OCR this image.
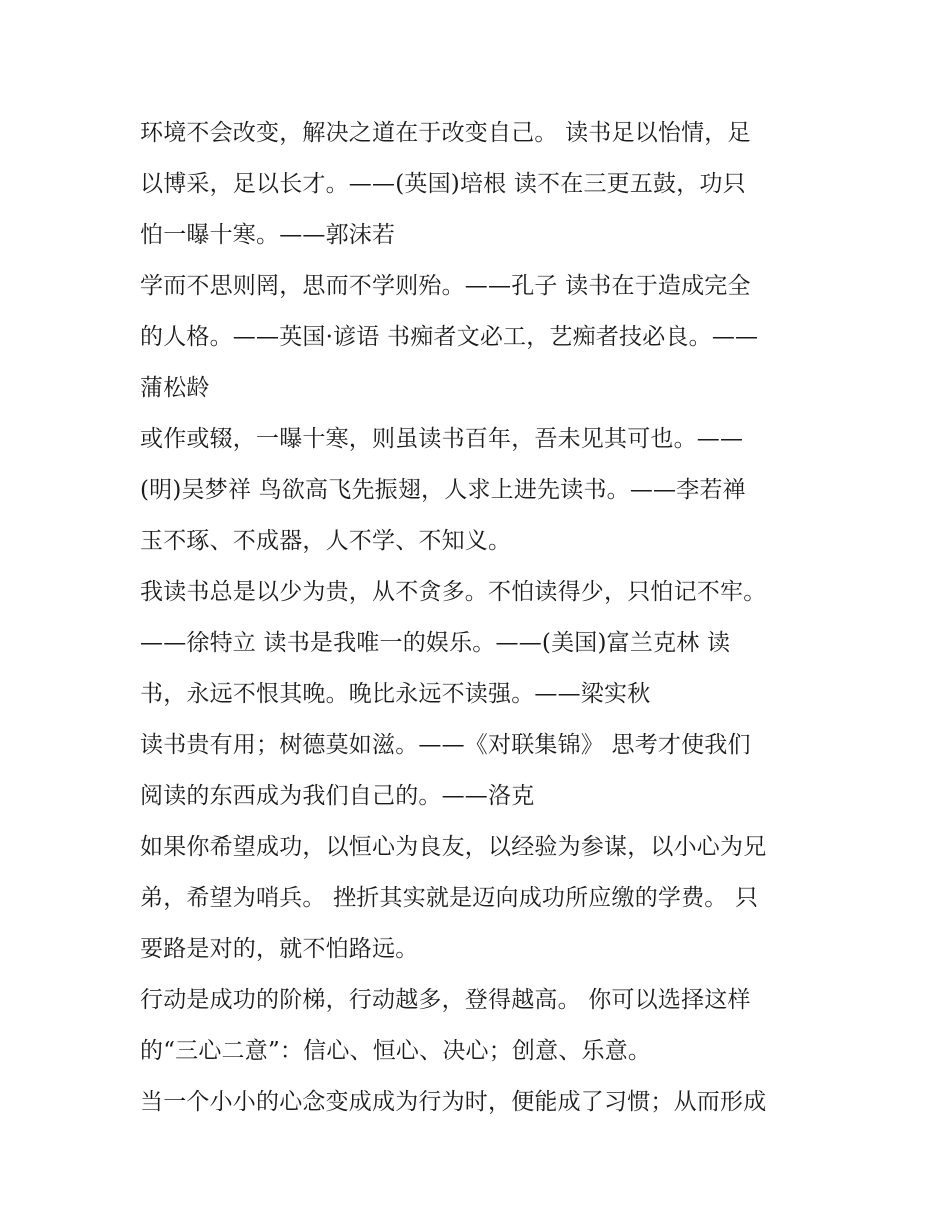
环境不会改变，解决之道在于改变自己。 读书足以怡情，足
以博采，足以长才。——(英国)培根 读不在三更五鼓，功只
怕一曝十寒。——郭沫若
学而不思则罔，思而不学则殆。——孔子 读书在于造成完全
的人格。——英国·谚语 书痴者文必工，艺痴者技必良。——
蒲松龄
或作或辍，一曝十寒，则虽读书百年，吾未见其可也。——
(明)吴梦祥 鸟欲高飞先振翅，人求上进先读书。——李若禅
玉不琢、不成器，人不学、不知义。
我读书总是以少为贵，从不贪多。不怕读得少，只怕记不牢。
——徐特立 读书是我唯一的娱乐。——(美国)富兰克林 读
书，永远不恨其晚。晚比永远不读强。——梁实秋
读书贵有用；树德莫如滋。——《对联集锦》 思考才使我们
阅读的东西成为我们自己的。——洛克
如果你希望成功，以恒心为良友，以经验为参谋，以小心为兄
弟，希望为哨兵。 挫折其实就是迈向成功所应缴的学费。 只
要路是对的，就不怕路远。
行动是成功的阶梯，行动越多，登得越高。 你可以选择这样
的“三心二意”：信心、恒心、决心；创意、乐意。
当一个小小的心念变成成为行为时，便能成了习惯；从而形成
